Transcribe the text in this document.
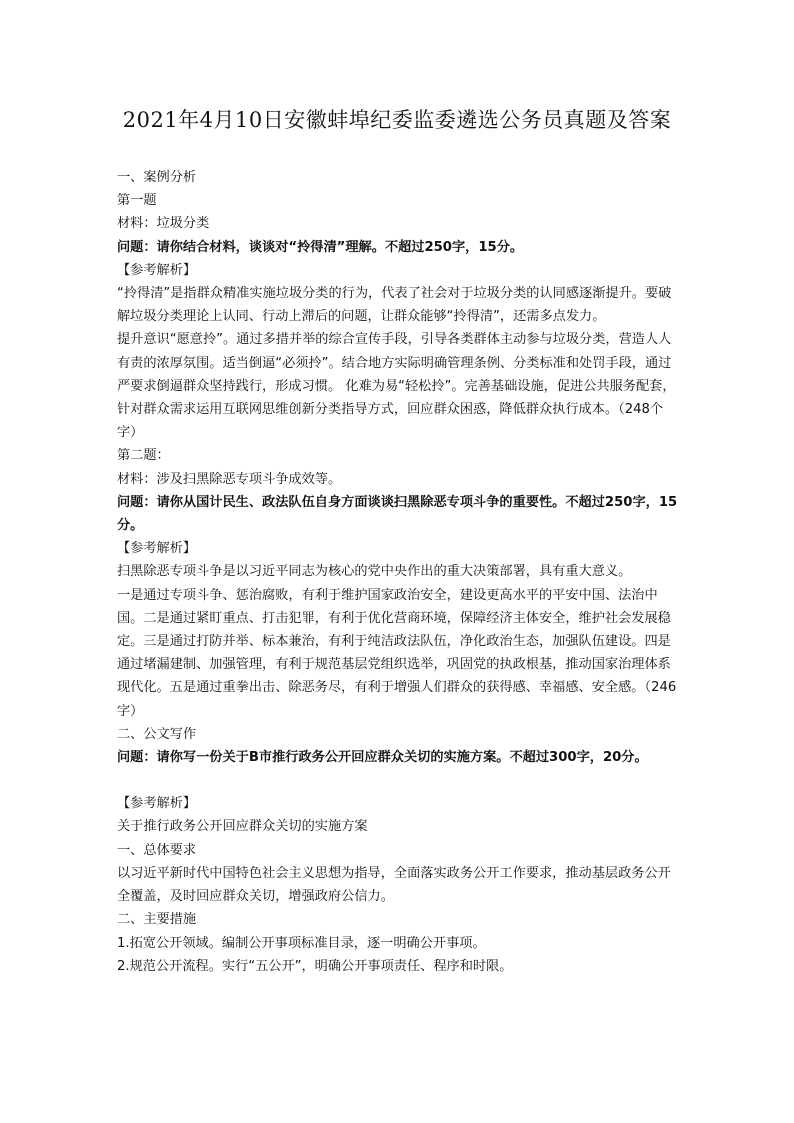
2021年4月10日安徽蚌埠纪委监委遴选公务员真题及答案

一、案例分析

第一题

材料：垃圾分类

问题：请你结合材料，谈谈对“拎得清”理解。不超过250字，15分。

【参考解析】

“拎得清”是指群众精准实施垃圾分类的行为，代表了社会对于垃圾分类的认同感逐渐提升。要破解垃圾分类理论上认同、行动上滞后的问题，让群众能够“拎得清”，还需多点发力。

提升意识“愿意拎”。通过多措并举的综合宣传手段，引导各类群体主动参与垃圾分类，营造人人有责的浓厚氛围。适当倒逼“必须拎”。结合地方实际明确管理条例、分类标准和处罚手段，通过严要求倒逼群众坚持践行，形成习惯。 化难为易“轻松拎”。完善基础设施，促进公共服务配套，针对群众需求运用互联网思维创新分类指导方式，回应群众困惑，降低群众执行成本。（248个字）

第二题：

材料：涉及扫黑除恶专项斗争成效等。

问题：请你从国计民生、政法队伍自身方面谈谈扫黑除恶专项斗争的重要性。不超过250字，15分。

【参考解析】

扫黑除恶专项斗争是以习近平同志为核心的党中央作出的重大决策部署，具有重大意义。

一是通过专项斗争、惩治腐败，有利于维护国家政治安全，建设更高水平的平安中国、法治中国。二是通过紧盯重点、打击犯罪，有利于优化营商环境，保障经济主体安全，维护社会发展稳定。三是通过打防并举、标本兼治，有利于纯洁政法队伍，净化政治生态，加强队伍建设。四是通过堵漏建制、加强管理，有利于规范基层党组织选举，巩固党的执政根基，推动国家治理体系现代化。五是通过重拳出击、除恶务尽，有利于增强人们群众的获得感、幸福感、安全感。（246字）

二、公文写作

问题：请你写一份关于B市推行政务公开回应群众关切的实施方案。不超过300字，20分。

【参考解析】

关于推行政务公开回应群众关切的实施方案

一、总体要求

以习近平新时代中国特色社会主义思想为指导，全面落实政务公开工作要求，推动基层政务公开全覆盖，及时回应群众关切，增强政府公信力。

二、主要措施

1.拓宽公开领域。编制公开事项标准目录，逐一明确公开事项。

2.规范公开流程。实行“五公开”，明确公开事项责任、程序和时限。
